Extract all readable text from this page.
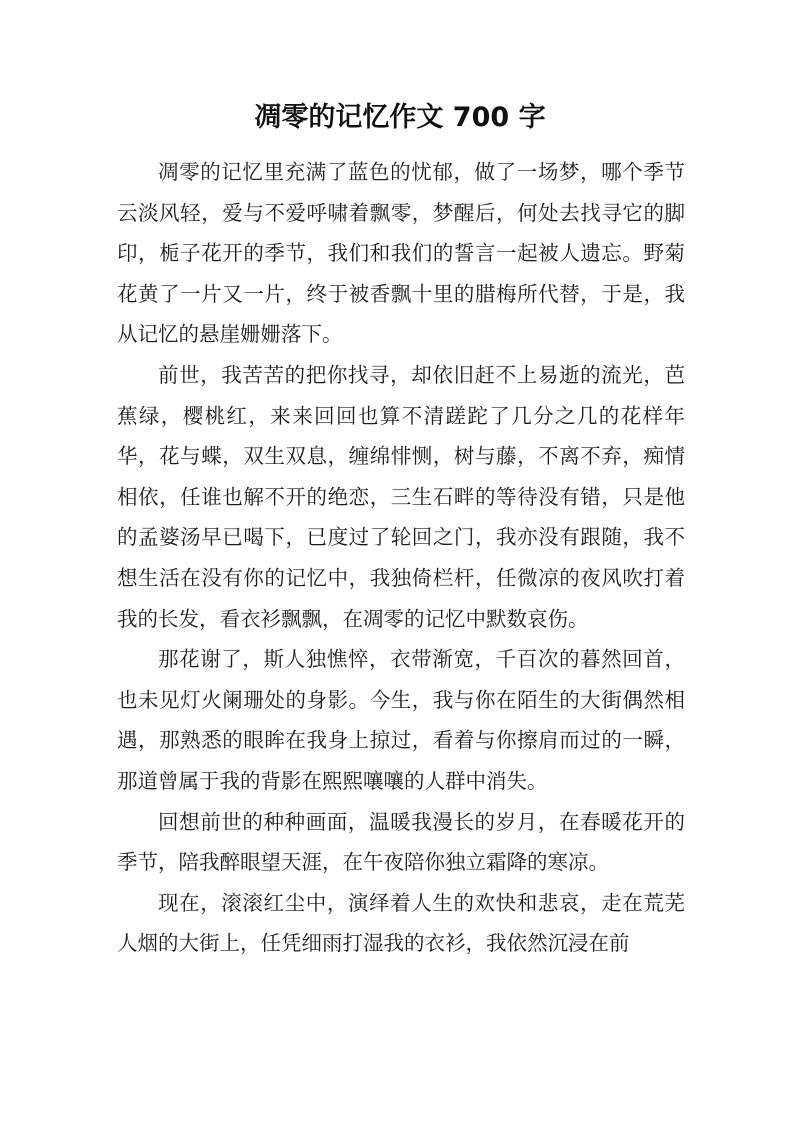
凋零的记忆作文 700 字

凋零的记忆里充满了蓝色的忧郁，做了一场梦，哪个季节云淡风轻，爱与不爱呼啸着飘零，梦醒后，何处去找寻它的脚印，栀子花开的季节，我们和我们的誓言一起被人遗忘。野菊花黄了一片又一片，终于被香飘十里的腊梅所代替，于是，我从记忆的悬崖姗姗落下。

前世，我苦苦的把你找寻，却依旧赶不上易逝的流光，芭蕉绿，樱桃红，来来回回也算不清蹉跎了几分之几的花样年华，花与蝶，双生双息，缠绵悱恻，树与藤，不离不弃，痴情相依，任谁也解不开的绝恋，三生石畔的等待没有错，只是他的孟婆汤早已喝下，已度过了轮回之门，我亦没有跟随，我不想生活在没有你的记忆中，我独倚栏杆，任微凉的夜风吹打着我的长发，看衣衫飘飘，在凋零的记忆中默数哀伤。

那花谢了，斯人独憔悴，衣带渐宽，千百次的暮然回首，也未见灯火阑珊处的身影。今生，我与你在陌生的大街偶然相遇，那熟悉的眼眸在我身上掠过，看着与你擦肩而过的一瞬，那道曾属于我的背影在熙熙嚷嚷的人群中消失。

回想前世的种种画面，温暖我漫长的岁月，在春暖花开的季节，陪我醉眼望天涯，在午夜陪你独立霜降的寒凉。

现在，滚滚红尘中，演绎着人生的欢快和悲哀，走在荒芜人烟的大街上，任凭细雨打湿我的衣衫，我依然沉浸在前
